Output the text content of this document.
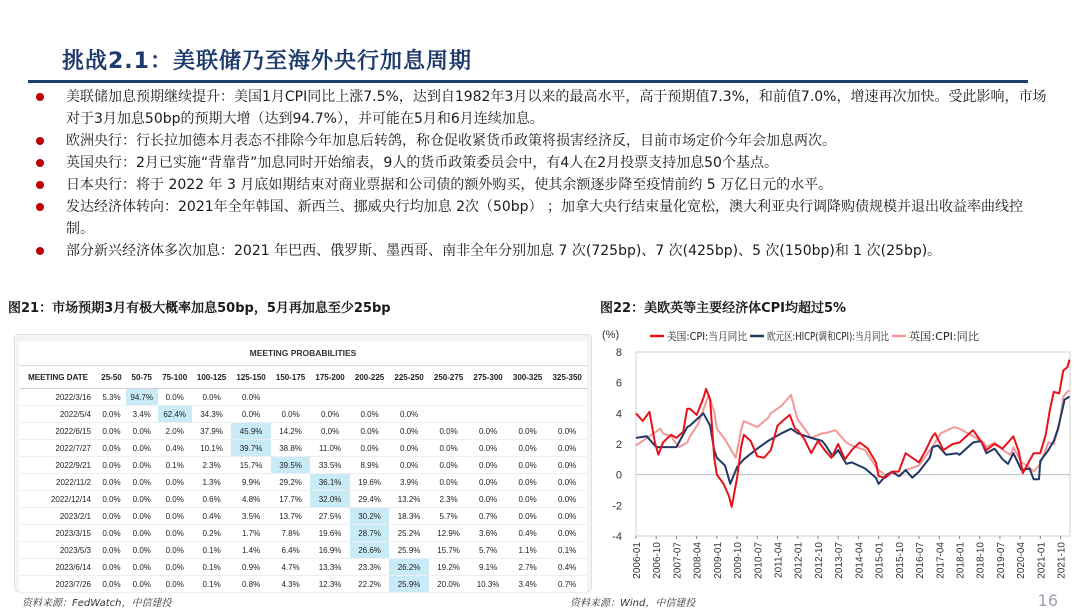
挑战2.1：美联储乃至海外央行加息周期
美联储加息预期继续提升：美国1月CPI同比上涨7.5%，达到自1982年3月以来的最高水平，高于预期值7.3%，和前值7.0%，增速再次加快。受此影响，市场对于3月加息50bp的预期大增（达到94.7%），并可能在5月和6月连续加息。
欧洲央行：行长拉加德本月表态不排除今年加息后转鸽，称仓促收紧货币政策将损害经济反，目前市场定价今年会加息两次。
英国央行：2月已实施“背靠背”加息同时开始缩表，9人的货币政策委员会中，有4人在2月投票支持加息50个基点。
日本央行：将于 2022 年 3 月底如期结束对商业票据和公司债的额外购买，使其余额逐步降至疫情前约 5 万亿日元的水平。
发达经济体转向：2021年全年韩国、新西兰、挪威央行均加息 2次（50bp） ；加拿大央行结束量化宽松，澳大利亚央行调降购债规模并退出收益率曲线控制。
部分新兴经济体多次加息：2021 年巴西、俄罗斯、墨西哥、南非全年分别加息 7 次(725bp)、7 次(425bp)、5 次(150bp)和 1 次(25bp)。
图21：市场预期3月有极大概率加息50bp，5月再加息至少25bp	图22：美欧英等主要经济体CPI均超过5%
MEETING PROBABILITIES													
MEETING DATE	25-50	50-75	75-100	100-125	125-150	150-175	175-200	200-225	225-250	250-275	275-300	300-325	325-350
2022/3/16	5.3%	94.7%	0.0%	0.0%	0.0%								
2022/5/4	0.0%	3.4%	62.4%	34.3%	0.0%	0.0%	0.0%	0.0%	0.0%				
2022/6/15	0.0%	0.0%	2.0%	37.9%	45.9%	14.2%	0.0%	0.0%	0.0%	0.0%	0.0%	0.0%	0.0%
2022/7/27	0.0%	0.0%	0.4%	10.1%	39.7%	38.8%	11.0%	0.0%	0.0%	0.0%	0.0%	0.0%	0.0%
2022/9/21	0.0%	0.0%	0.1%	2.3%	15.7%	39.5%	33.5%	8.9%	0.0%	0.0%	0.0%	0.0%	0.0%
2022/11/2	0.0%	0.0%	0.0%	1.3%	9.9%	29.2%	36.1%	19.6%	3.9%	0.0%	0.0%	0.0%	0.0%
2022/12/14	0.0%	0.0%	0.0%	0.6%	4.8%	17.7%	32.0%	29.4%	13.2%	2.3%	0.0%	0.0%	0.0%
2023/2/1	0.0%	0.0%	0.0%	0.4%	3.5%	13.7%	27.5%	30.2%	18.3%	5.7%	0.7%	0.0%	0.0%
2023/3/15	0.0%	0.0%	0.0%	0.2%	1.7%	7.8%	19.6%	28.7%	25.2%	12.9%	3.6%	0.4%	0.0%
2023/5/3	0.0%	0.0%	0.0%	0.1%	1.4%	6.4%	16.9%	26.6%	25.9%	15.7%	5.7%	1.1%	0.1%
2023/6/14	0.0%	0.0%	0.0%	0.1%	0.9%	4.7%	13.3%	23.3%	26.2%	19.2%	9.1%	2.7%	0.4%
2023/7/26	0.0%	0.0%	0.0%	0.1%	0.8%	4.3%	12.3%	22.2%	25.9%	20.0%	10.3%	3.4%	0.7%
-4
-2
0
2
4
6
8
(%)
2006-01 2006-10 2007-07 2008-04 2009-01 2009-10 2010-07 2011-04 2012-01 2012-10 2013-07 2014-04 2015-01 2015-10 2016-07 2017-04 2018-01 2018-10 2019-07 2020-04 2021-01 2021-10
美国:CPI:当月同比 欧元区:HICP(调和CPI):当月同比
英国:CPI:同比
资料来源：FedWatch，中信建投	资料来源：Wind，中信建投	16
